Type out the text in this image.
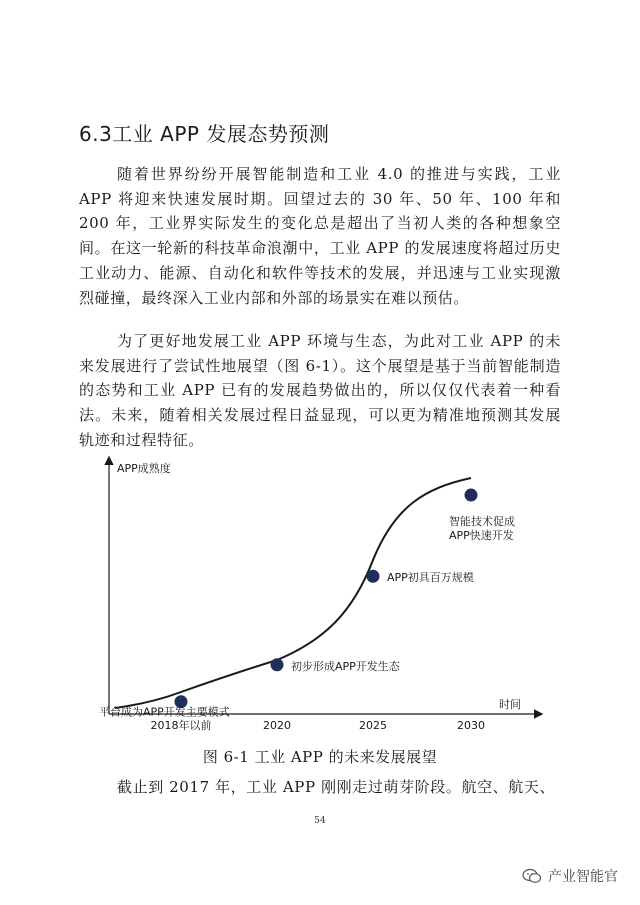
6.3工业 APP 发展态势预测

随着世界纷纷开展智能制造和工业 4.0 的推进与实践，工业 APP 将迎来快速发展时期。回望过去的 30 年、50 年、100 年和 200 年，工业界实际发生的变化总是超出了当初人类的各种想象空间。在这一轮新的科技革命浪潮中，工业 APP 的发展速度将超过历史工业动力、能源、自动化和软件等技术的发展，并迅速与工业实现激烈碰撞，最终深入工业内部和外部的场景实在难以预估。

为了更好地发展工业 APP 环境与生态，为此对工业 APP 的未来发展进行了尝试性地展望（图 6-1）。这个展望是基于当前智能制造的态势和工业 APP 已有的发展趋势做出的，所以仅仅代表着一种看法。未来，随着相关发展过程日益显现，可以更为精准地预测其发展轨迹和过程特征。

APP成熟度
时间
平台成为APP开发主要模式
初步形成APP开发生态
APP初具百万规模
智能技术促成
APP快速开发
2018年以前	2020	2025	2030
图 6-1 工业 APP 的未来发展展望

截止到 2017 年，工业 APP 刚刚走过萌芽阶段。航空、航天、

54
产业智能官
